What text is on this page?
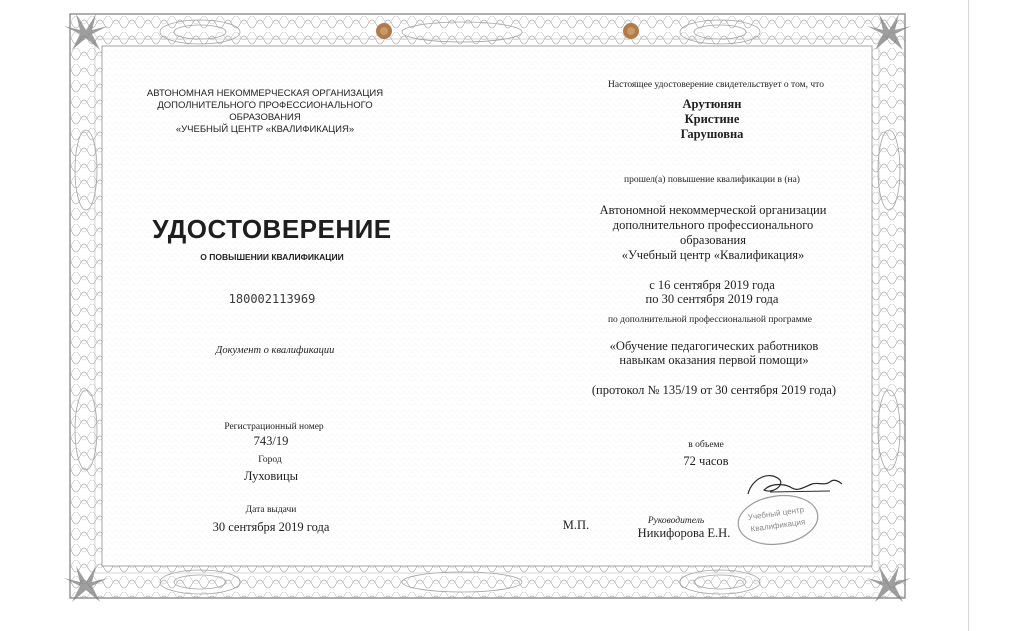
АВТОНОМНАЯ НЕКОММЕРЧЕСКАЯ ОРГАНИЗАЦИЯ
ДОПОЛНИТЕЛЬНОГО ПРОФЕССИОНАЛЬНОГО
ОБРАЗОВАНИЯ
«УЧЕБНЫЙ ЦЕНТР «КВАЛИФИКАЦИЯ»
УДОСТОВЕРЕНИЕ
О ПОВЫШЕНИИ КВАЛИФИКАЦИИ
180002113969
Документ о квалификации
Регистрационный номер
743/19
Город
Луховицы
Дата выдачи
30 сентября 2019 года
Настоящее удостоверение свидетельствует о том, что
Арутюнян
Кристине
Гарушовна
прошел(а) повышение квалификации в (на)
Автономной некоммерческой организации
дополнительного профессионального
образования
«Учебный центр «Квалификация»
с 16 сентября 2019 года
по 30 сентября 2019 года
по дополнительной профессиональной программе
«Обучение педагогических работников
навыкам оказания первой помощи»
(протокол № 135/19 от 30 сентября 2019 года)
в объеме
72 часов
М.П.	Руководитель
Никифорова Е.Н.
Учебный центр
Квалификация
